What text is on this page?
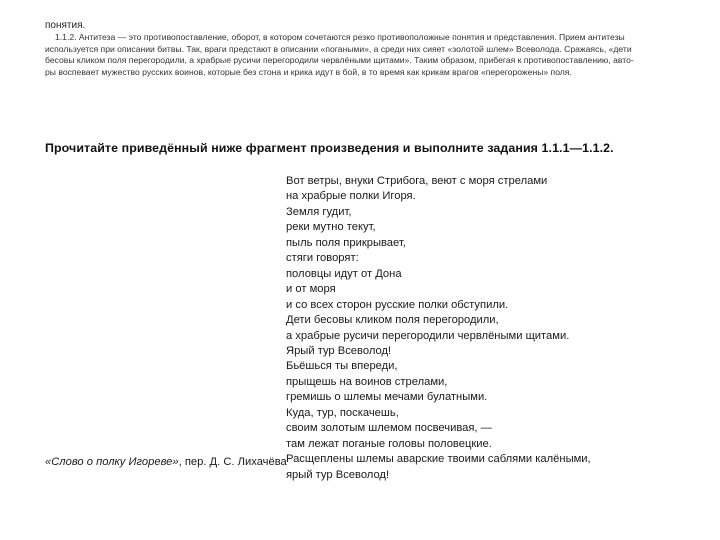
понятия.
1.1.2. Антитеза — это противопоставление, оборот, в котором сочетаются резко противоположные понятия и представления. Прием антитезы
используется при описании битвы. Так, враги предстают в описании «погаными», а среди них сияет «золотой шлем» Всеволода. Сражаясь, «дети
бесовы кликом поля перегородили, а храбрые русичи перегородили червлёными щитами». Таким образом, прибегая к противопоставлению, авто-
ры воспевает мужество русских воинов, которые без стона и крика идут в бой, в то время как крикам врагов «перегорожены» поля.
Прочитайте приведённый ниже фрагмент произведения и выполните задания 1.1.1—1.1.2.
Вот ветры, внуки Стрибога, веют с моря стрелами
на храбрые полки Игоря.
Земля гудит,
реки мутно текут,
пыль поля прикрывает,
стяги говорят:
половцы идут от Дона
и от моря
и со всех сторон русские полки обступили.
Дети бесовы кликом поля перегородили,
а храбрые русичи перегородили червлёными щитами.
Ярый тур Всеволод!
Бьёшься ты впереди,
прыщешь на воинов стрелами,
гремишь о шлемы мечами булатными.
Куда, тур, поскачешь,
своим золотым шлемом посвечивая, —
там лежат поганые головы половецкие.
Расщеплены шлемы аварские твоими саблями калёными,
ярый тур Всеволод!
«Слово о полку Игореве», пер. Д. С. Лихачёва
